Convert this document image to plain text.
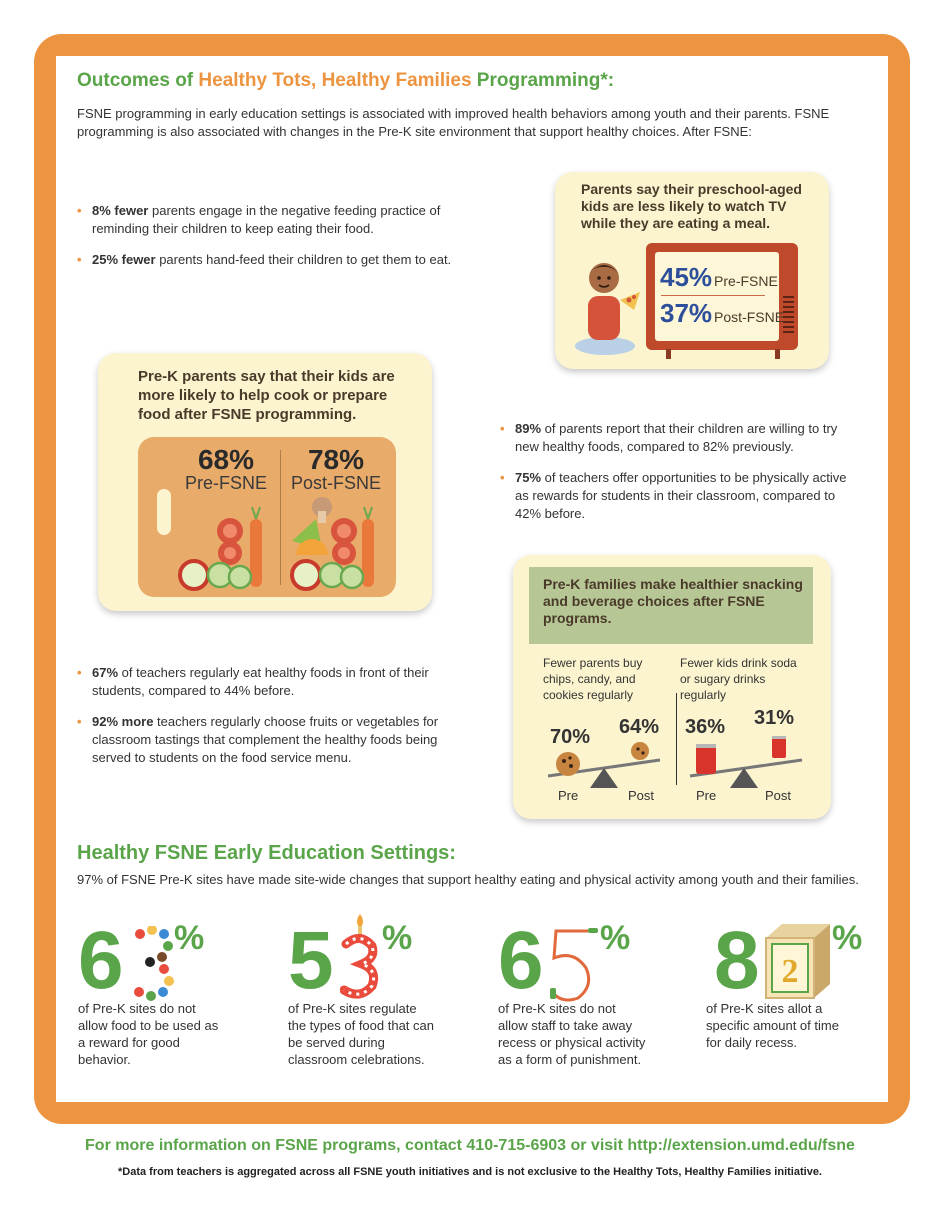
Outcomes of Healthy Tots, Healthy Families Programming*:

FSNE programming in early education settings is associated with improved health behaviors among youth and their parents. FSNE programming is also associated with changes in the Pre-K site environment that support healthy choices. After FSNE:

• 8% fewer parents engage in the negative feeding practice of reminding their children to keep eating their food.
• 25% fewer parents hand-feed their children to get them to eat.
Parents say their preschool-aged kids are less likely to watch TV while they are eating a meal.
45% Pre-FSNE
37% Post-FSNE
Pre-K parents say that their kids are more likely to help cook or prepare food after FSNE programming.
68%
Pre-FSNE
78%
Post-FSNE
• 89% of parents report that their children are willing to try new healthy foods, compared to 82% previously.
• 75% of teachers offer opportunities to be physically active as rewards for students in their classroom, compared to 42% before.
Pre-K families make healthier snacking and beverage choices after FSNE programs.
Fewer parents buy chips, candy, and cookies regularly
Fewer kids drink soda or sugary drinks regularly
70% 64% 36% 31%
Pre	Post	Pre	Post
• 67% of teachers regularly eat healthy foods in front of their students, compared to 44% before.
• 92% more teachers regularly choose fruits or vegetables for classroom tastings that complement the healthy foods being served to students on the food service menu.
Healthy FSNE Early Education Settings:

97% of FSNE Pre-K sites have made site-wide changes that support healthy eating and physical activity among youth and their families.

6 %
of Pre-K sites do not allow food to be used as a reward for good behavior.
5 %
of Pre-K sites regulate the types of food that can be served during classroom celebrations.
6 %
of Pre-K sites do not allow staff to take away recess or physical activity as a form of punishment.
8 2
%
of Pre-K sites allot a specific amount of time for daily recess.
For more information on FSNE programs, contact 410-715-6903 or visit http://extension.umd.edu/fsne
*Data from teachers is aggregated across all FSNE youth initiatives and is not exclusive to the Healthy Tots, Healthy Families initiative.
